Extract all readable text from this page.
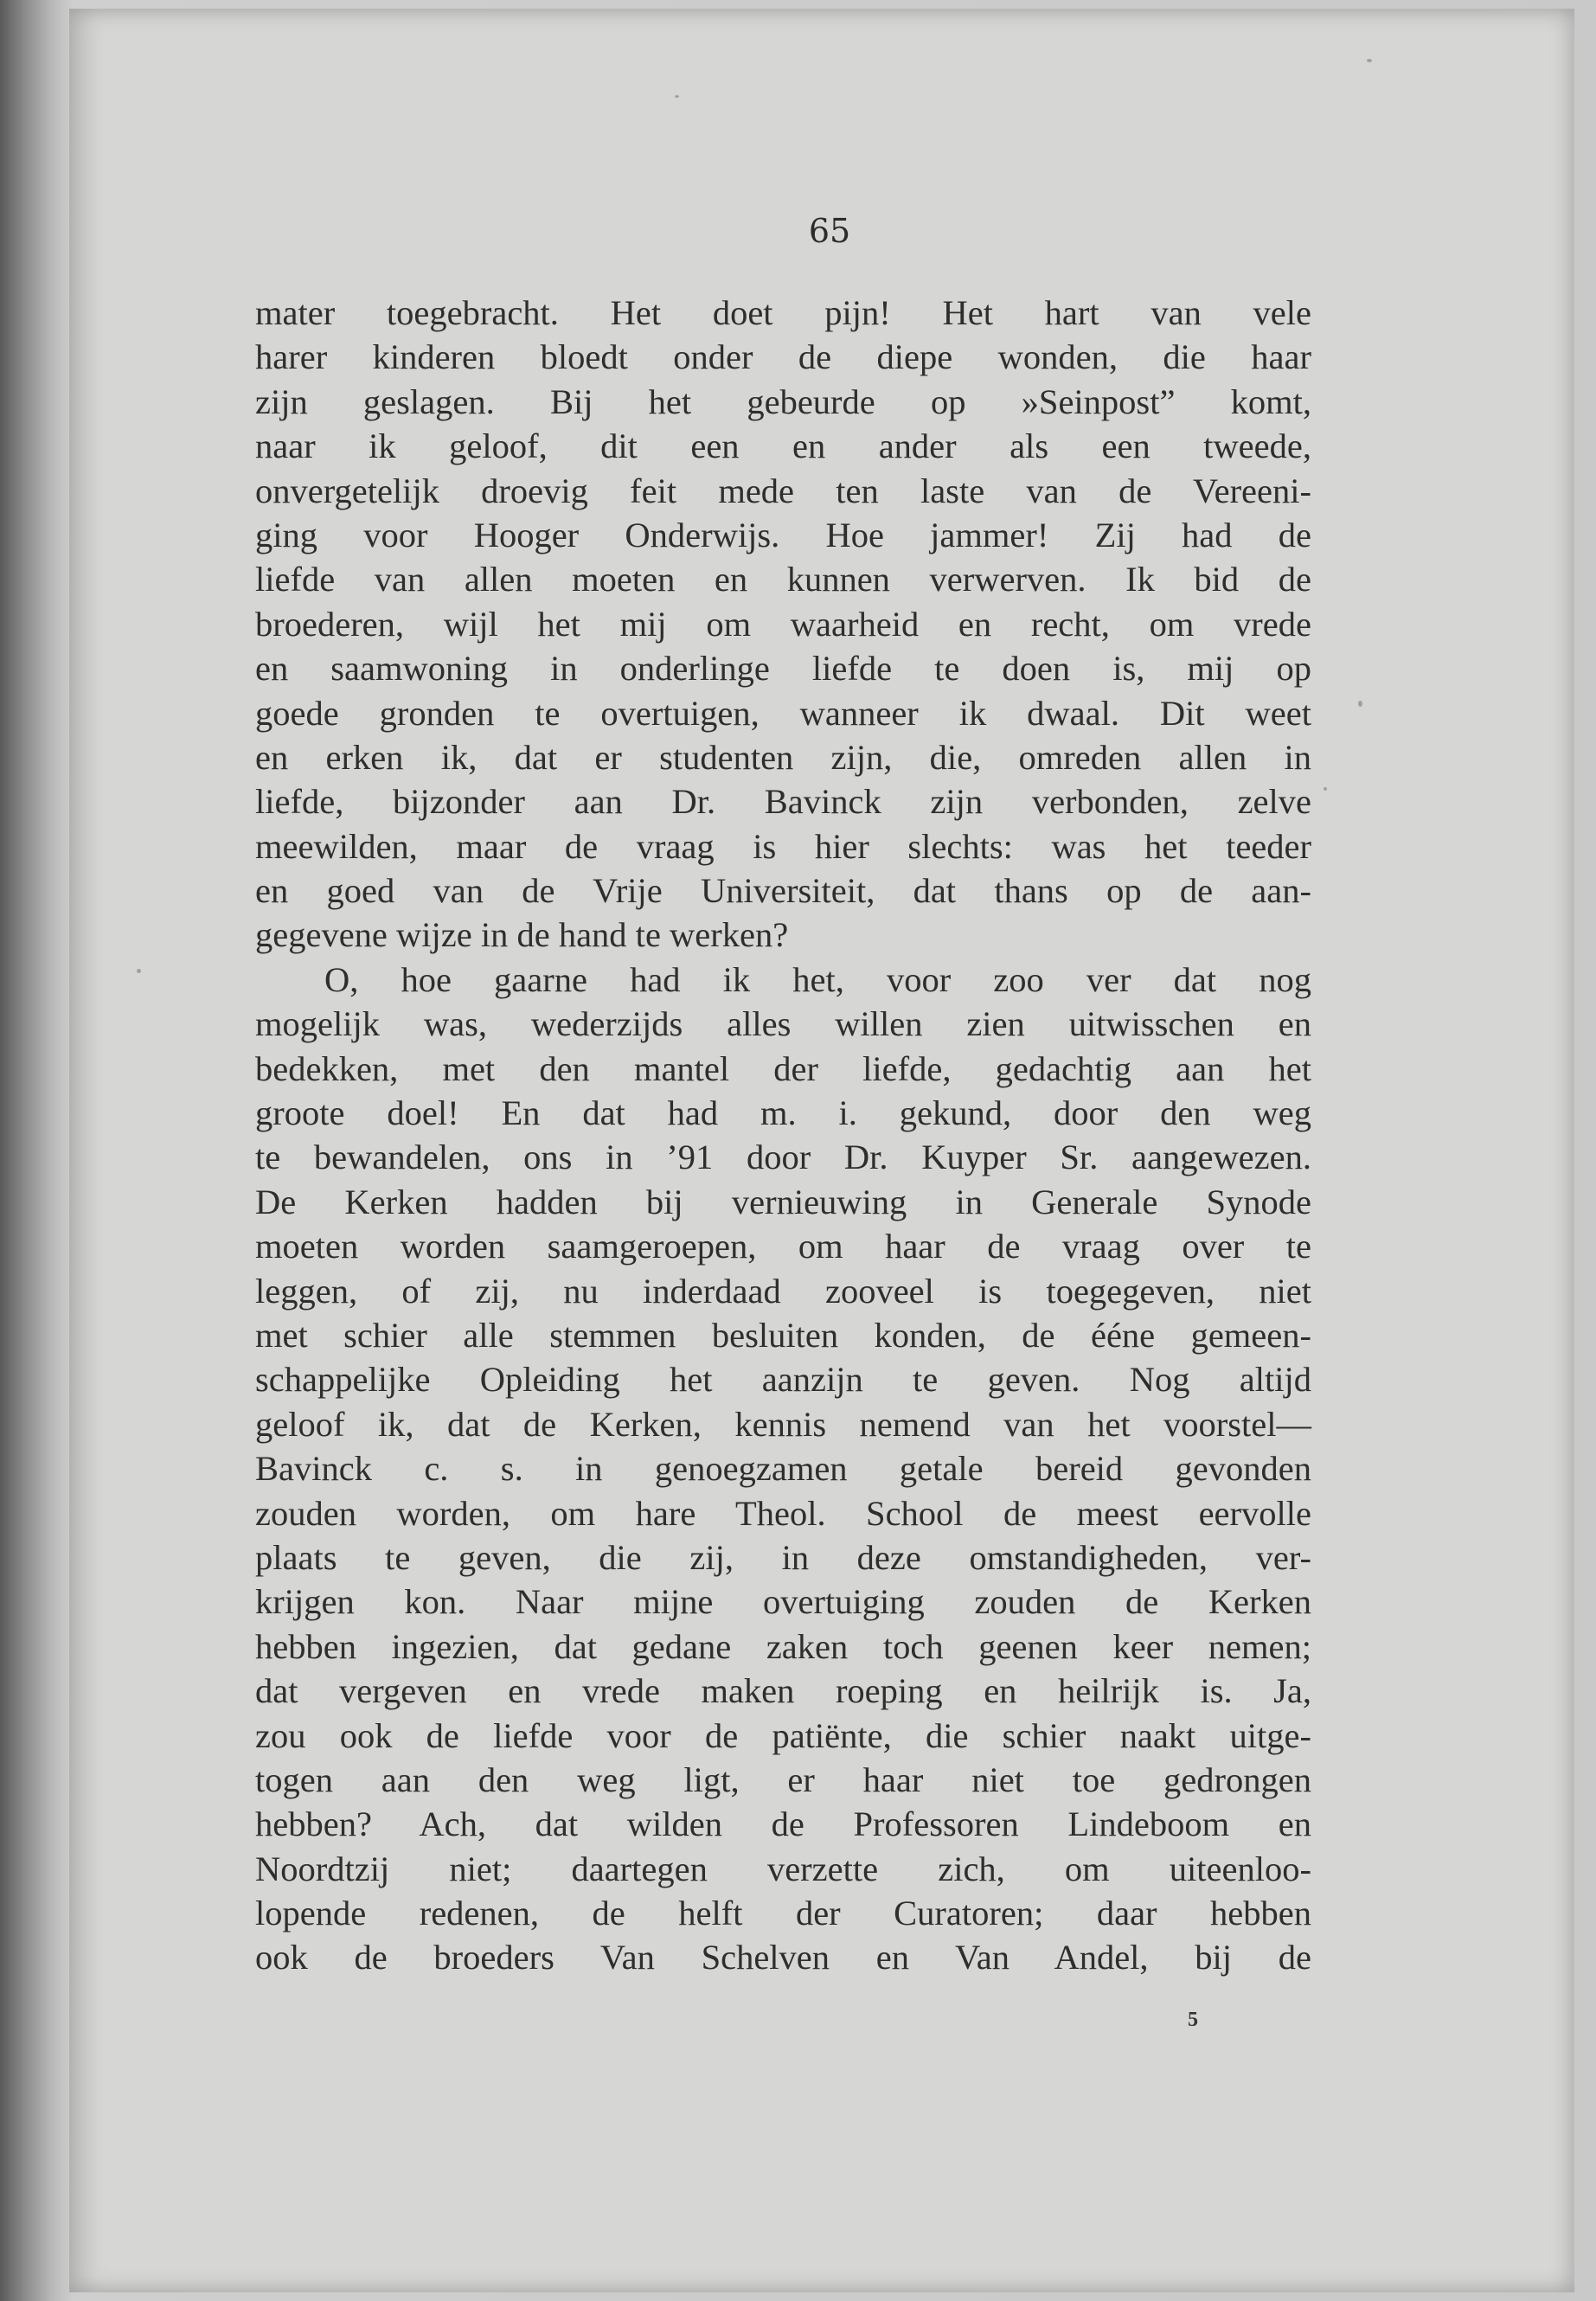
65
mater toegebracht. Het doet pijn! Het hart van vele
harer kinderen bloedt onder de diepe wonden, die haar
zijn geslagen. Bij het gebeurde op »Seinpost” komt,
naar ik geloof, dit een en ander als een tweede,
onvergetelijk droevig feit mede ten laste van de Vereeni-
ging voor Hooger Onderwijs. Hoe jammer! Zij had de
liefde van allen moeten en kunnen verwerven. Ik bid de
broederen, wijl het mij om waarheid en recht, om vrede
en saamwoning in onderlinge liefde te doen is, mij op
goede gronden te overtuigen, wanneer ik dwaal. Dit weet
en erken ik, dat er studenten zijn, die, omreden allen in
liefde, bijzonder aan Dr. Bavinck zijn verbonden, zelve
meewilden, maar de vraag is hier slechts: was het teeder
en goed van de Vrije Universiteit, dat thans op de aan-
gegevene wijze in de hand te werken?
O, hoe gaarne had ik het, voor zoo ver dat nog
mogelijk was, wederzijds alles willen zien uitwisschen en
bedekken, met den mantel der liefde, gedachtig aan het
groote doel! En dat had m. i. gekund, door den weg
te bewandelen, ons in ’91 door Dr. Kuyper Sr. aangewezen.
De Kerken hadden bij vernieuwing in Generale Synode
moeten worden saamgeroepen, om haar de vraag over te
leggen, of zij, nu inderdaad zooveel is toegegeven, niet
met schier alle stemmen besluiten konden, de ééne gemeen-
schappelijke Opleiding het aanzijn te geven. Nog altijd
geloof ik, dat de Kerken, kennis nemend van het voorstel—
Bavinck c. s. in genoegzamen getale bereid gevonden
zouden worden, om hare Theol. School de meest eervolle
plaats te geven, die zij, in deze omstandigheden, ver-
krijgen kon. Naar mijne overtuiging zouden de Kerken
hebben ingezien, dat gedane zaken toch geenen keer nemen;
dat vergeven en vrede maken roeping en heilrijk is. Ja,
zou ook de liefde voor de patiënte, die schier naakt uitge-
togen aan den weg ligt, er haar niet toe gedrongen
hebben? Ach, dat wilden de Professoren Lindeboom en
Noordtzij niet; daartegen verzette zich, om uiteenloo-
lopende redenen, de helft der Curatoren; daar hebben
ook de broeders Van Schelven en Van Andel, bij de
5
